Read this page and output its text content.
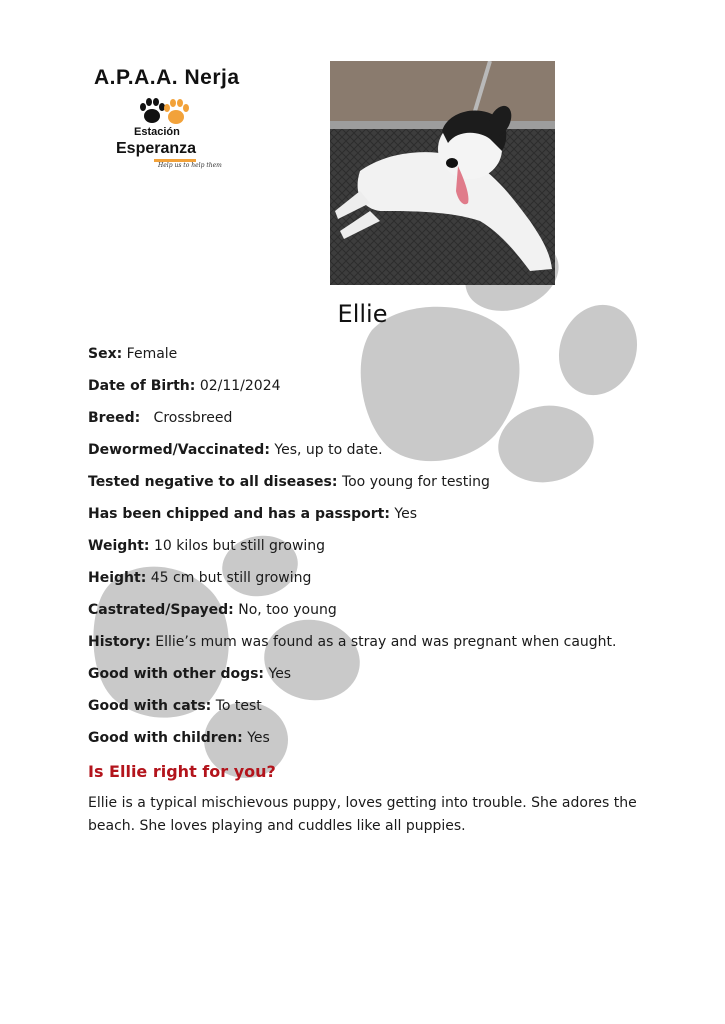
A.P.A.A. Nerja
Estación
Esperanza
Help us to help them
Ellie
Sex: Female
Date of Birth: 02/11/2024
Breed: Crossbreed
Dewormed/Vaccinated: Yes, up to date.
Tested negative to all diseases: Too young for testing
Has been chipped and has a passport: Yes
Weight: 10 kilos but still growing
Height: 45 cm but still growing
Castrated/Spayed: No, too young
History: Ellie’s mum was found as a stray and was pregnant when caught.
Good with other dogs: Yes
Good with cats: To test
Good with children: Yes
Is Ellie right for you?
Ellie is a typical mischievous puppy, loves getting into trouble. She adores the beach. She loves playing and cuddles like all puppies.
